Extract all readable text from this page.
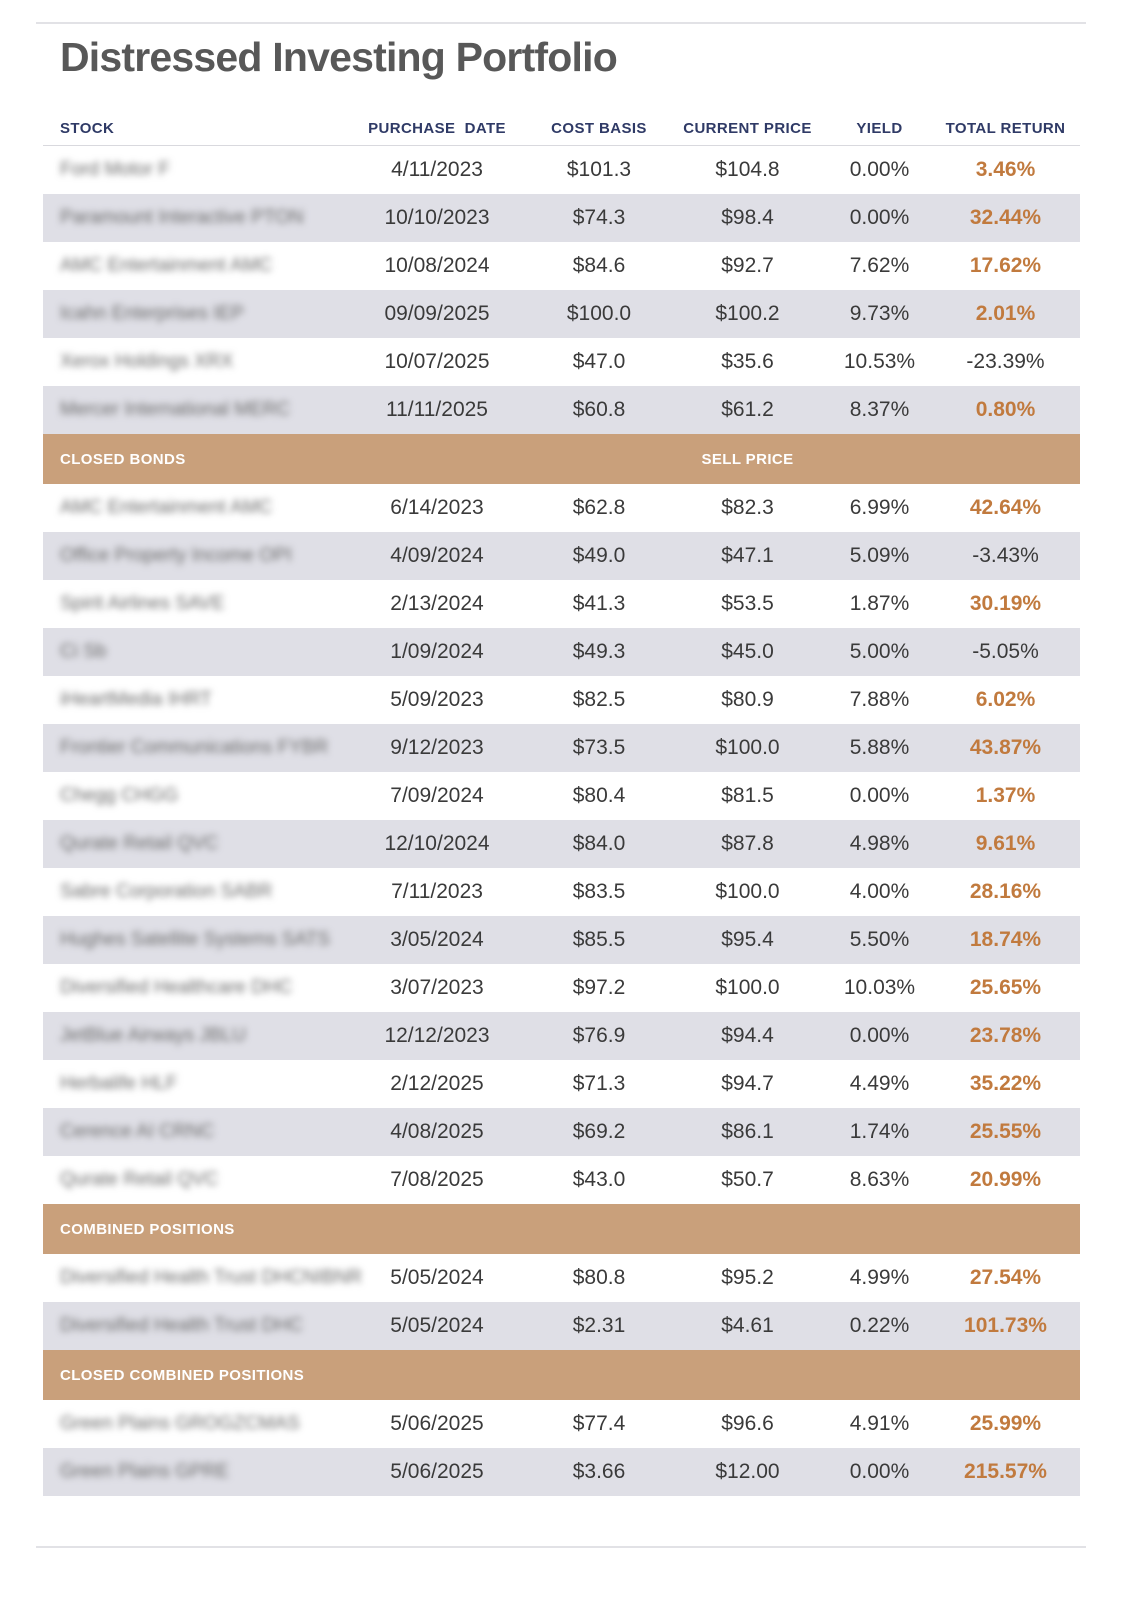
Distressed Investing Portfolio
STOCK	PURCHASE  DATE	COST BASIS	CURRENT PRICE	YIELD	TOTAL RETURN
Ford Motor F	4/11/2023	$101.3	$104.8	0.00%	3.46%
Paramount Interactive PTON	10/10/2023	$74.3	$98.4	0.00%	32.44%
AMC Entertainment AMC	10/08/2024	$84.6	$92.7	7.62%	17.62%
Icahn Enterprises IEP	09/09/2025	$100.0	$100.2	9.73%	2.01%
Xerox Holdings XRX	10/07/2025	$47.0	$35.6	10.53%	-23.39%
Mercer International MERC	11/11/2025	$60.8	$61.2	8.37%	0.80%
CLOSED BONDS	SELL PRICE
AMC Entertainment AMC	6/14/2023	$62.8	$82.3	6.99%	42.64%
Office Property Income OPI	4/09/2024	$49.0	$47.1	5.09%	-3.43%
Spirit Airlines SAVE	2/13/2024	$41.3	$53.5	1.87%	30.19%
Ci Sb	1/09/2024	$49.3	$45.0	5.00%	-5.05%
iHeartMedia IHRT	5/09/2023	$82.5	$80.9	7.88%	6.02%
Frontier Communications FYBR	9/12/2023	$73.5	$100.0	5.88%	43.87%
Chegg CHGG	7/09/2024	$80.4	$81.5	0.00%	1.37%
Qurate Retail QVC	12/10/2024	$84.0	$87.8	4.98%	9.61%
Sabre Corporation SABR	7/11/2023	$83.5	$100.0	4.00%	28.16%
Hughes Satellite Systems SATS	3/05/2024	$85.5	$95.4	5.50%	18.74%
Diversified Healthcare DHC	3/07/2023	$97.2	$100.0	10.03%	25.65%
JetBlue Airways JBLU	12/12/2023	$76.9	$94.4	0.00%	23.78%
Herbalife HLF	2/12/2025	$71.3	$94.7	4.49%	35.22%
Cerence AI CRNC	4/08/2025	$69.2	$86.1	1.74%	25.55%
Qurate Retail QVC	7/08/2025	$43.0	$50.7	8.63%	20.99%
COMBINED POSITIONS
Diversified Health Trust DHCNIBNR	5/05/2024	$80.8	$95.2	4.99%	27.54%
Diversified Health Trust DHC	5/05/2024	$2.31	$4.61	0.22%	101.73%
CLOSED COMBINED POSITIONS
Green Plains GROGZCMAS	5/06/2025	$77.4	$96.6	4.91%	25.99%
Green Plains GPRE	5/06/2025	$3.66	$12.00	0.00%	215.57%
